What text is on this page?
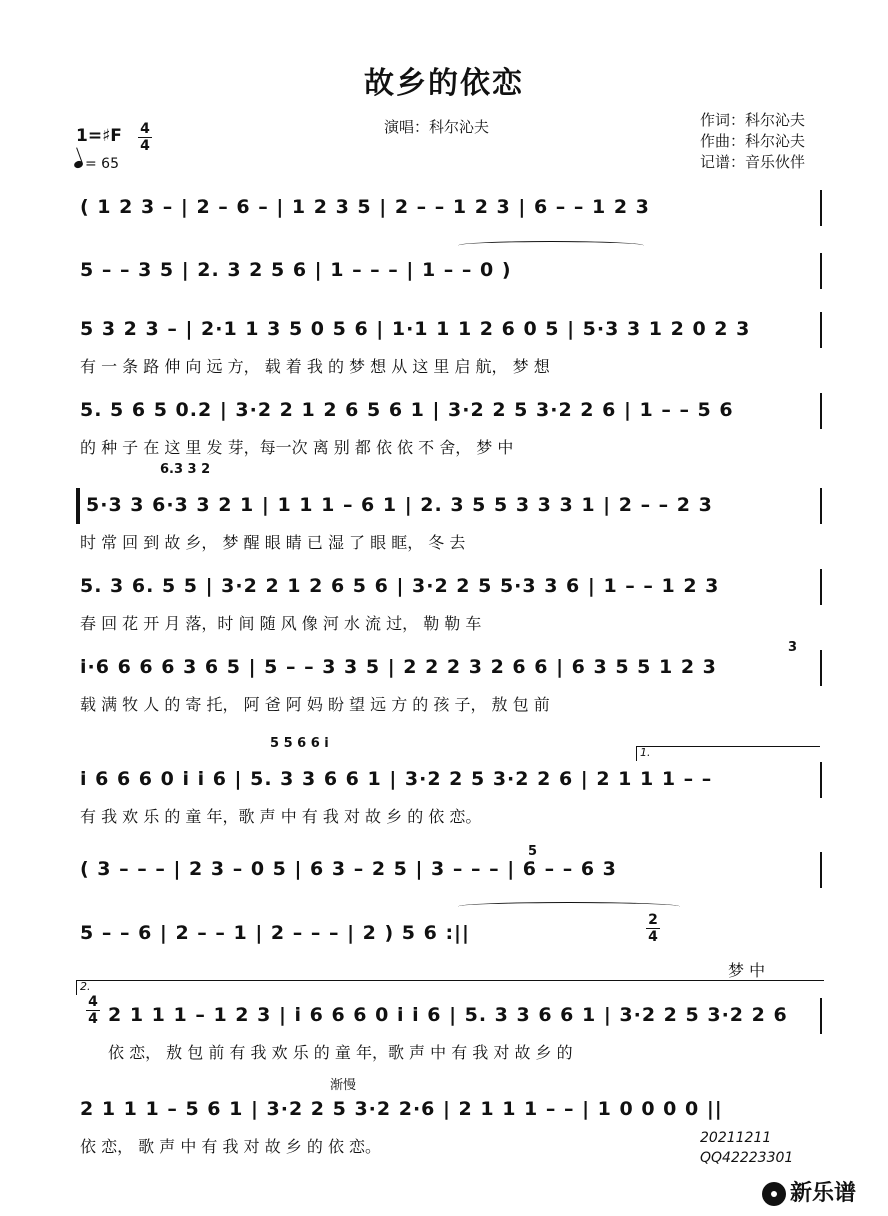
故乡的依恋
演唱：科尔沁夫	作词：科尔沁夫
作曲：科尔沁夫
记谱：音乐伙伴
1=♯F $\frac{4}{4}$
= 65
( 1 2 3 – | 2 – 6 – | 1 2 3 5 | 2 – – 1 2 3 | 6 – – 1 2 3
5 – – 3 5 | 2. 3 2 5 6 | 1 – – – | 1 – – 0 )
5 3 2 3 – | 2·1 1 3 5 0 5 6 | 1·1 1 1 2 6 0 5 | 5·3 3 1 2 0 2 3
有 一 条 路 伸 向 远 方， 载 着 我 的 梦 想 从 这 里 启 航， 梦 想
5. 5 6 5 0.2 | 3·2 2 1 2 6 5 6 1 | 3·2 2 5 3·2 2 6 | 1 – – 5 6
的 种 子 在 这 里 发 芽，每一次 离 别 都 依 依 不 舍， 梦 中
6.3 3 2
5·3 3 6·3 3 2 1 | 1 1 1 – 6 1 | 2. 3 5 5 3 3 3 1 | 2 – – 2 3
时 常 回 到 故 乡， 梦 醒 眼 睛 已 湿 了 眼 眶， 冬 去
5. 3 6. 5 5 | 3·2 2 1 2 6 5 6 | 3·2 2 5 5·3 3 6 | 1 – – 1 2 3
春 回 花 开 月 落，时 间 随 风 像 河 水 流 过， 勒 勒 车
i·6 6 6 6 3 6 5 | 5 – – 3 3 5 | 2 2 2 3 2 6 6 | 6 3 5 5 1 2 3
3
载 满 牧 人 的 寄 托， 阿 爸 阿 妈 盼 望 远 方 的 孩 子， 敖 包 前
5 5 6 6 i
1.
i 6 6 6 0 i i 6 | 5. 3 3 6 6 1 | 3·2 2 5 3·2 2 6 | 2 1 1 1 – –
有 我 欢 乐 的 童 年，歌 声 中 有 我 对 故 乡 的 依 恋。
( 3 – – – | 2 3 – 0 5 | 6 3 – 2 5 | 3 – – – | 6 – – 6 3
5
5 – – 6 | 2 – – 1 | 2 – – – | 2 ) 5 6 :||	$\frac{2}{4}$
梦 中
2.
$\frac{4}{4} 2$ 1 1 1 – 1 2 3 | i 6 6 6 0 i i 6 | 5. 3 3 6 6 1 | 3·2 2 5 3·2 2 6
依 恋， 敖 包 前 有 我 欢 乐 的 童 年，歌 声 中 有 我 对 故 乡 的
渐慢
2 1 1 1 – 5 6 1 | 3·2 2 5 3·2 2·6 | 2 1 1 1 – – | 1 0 0 0 0 ||
依 恋， 歌 声 中 有 我 对 故 乡 的 依 恋。	20211211
QQ42223301
新乐谱
